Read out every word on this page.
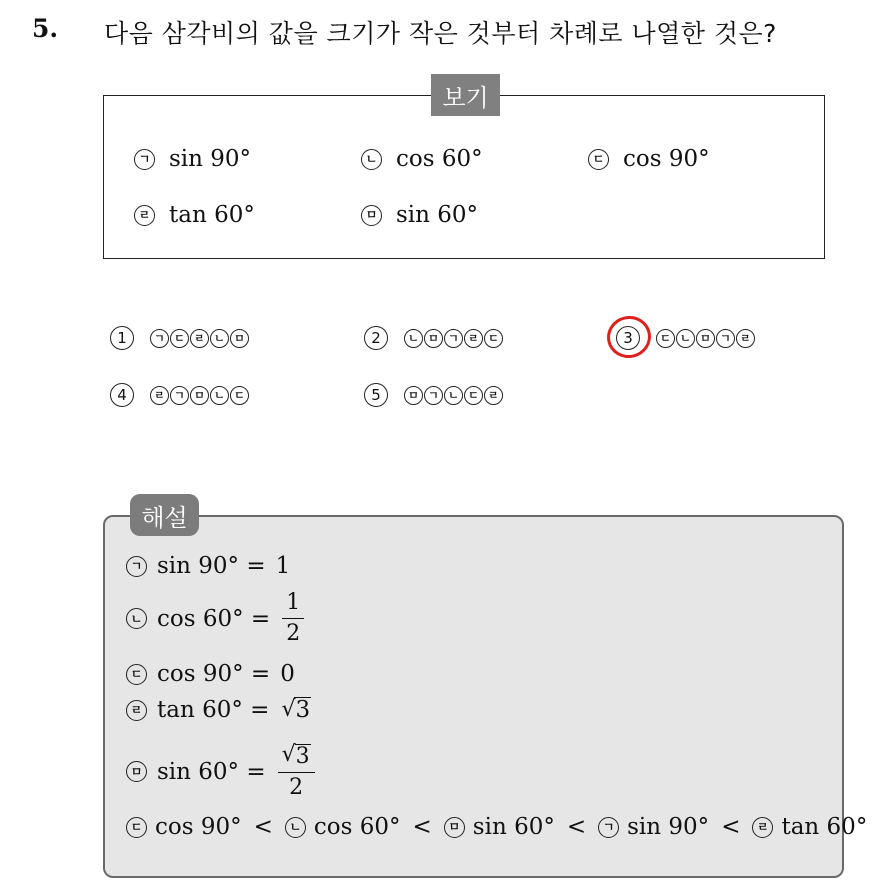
5. 다음 삼각비의 값을 크기가 작은 것부터 차례로 나열한 것은?
보기
ㄱ sin 90°	ㄴ cos 60°	ㄷ cos 90°
ㄹ tan 60°	ㅁ sin 60°
1	ㄱ ㄷ ㄹ ㄴ ㅁ	2	ㄴ ㅁ ㄱ ㄹ ㄷ	3	ㄷ ㄴ ㅁ ㄱ ㄹ
4	ㄹ ㄱ ㅁ ㄴ ㄷ	5	ㅁ ㄱ ㄴ ㄷ ㄹ
해설
ㄱ sin 90° = 1
ㄴ $\cos 60^\circ = \frac{1}{2}$
ㄷ cos 90° = 0
ㄹ tan 60° = √ 3
ㅁ $\sin 60^\circ = \frac{√ 3}{2}$
ㄷ cos 90° <	ㄴ cos 60° <	ㅁ sin 60° <	ㄱ sin 90° <	ㄹ tan 60°
